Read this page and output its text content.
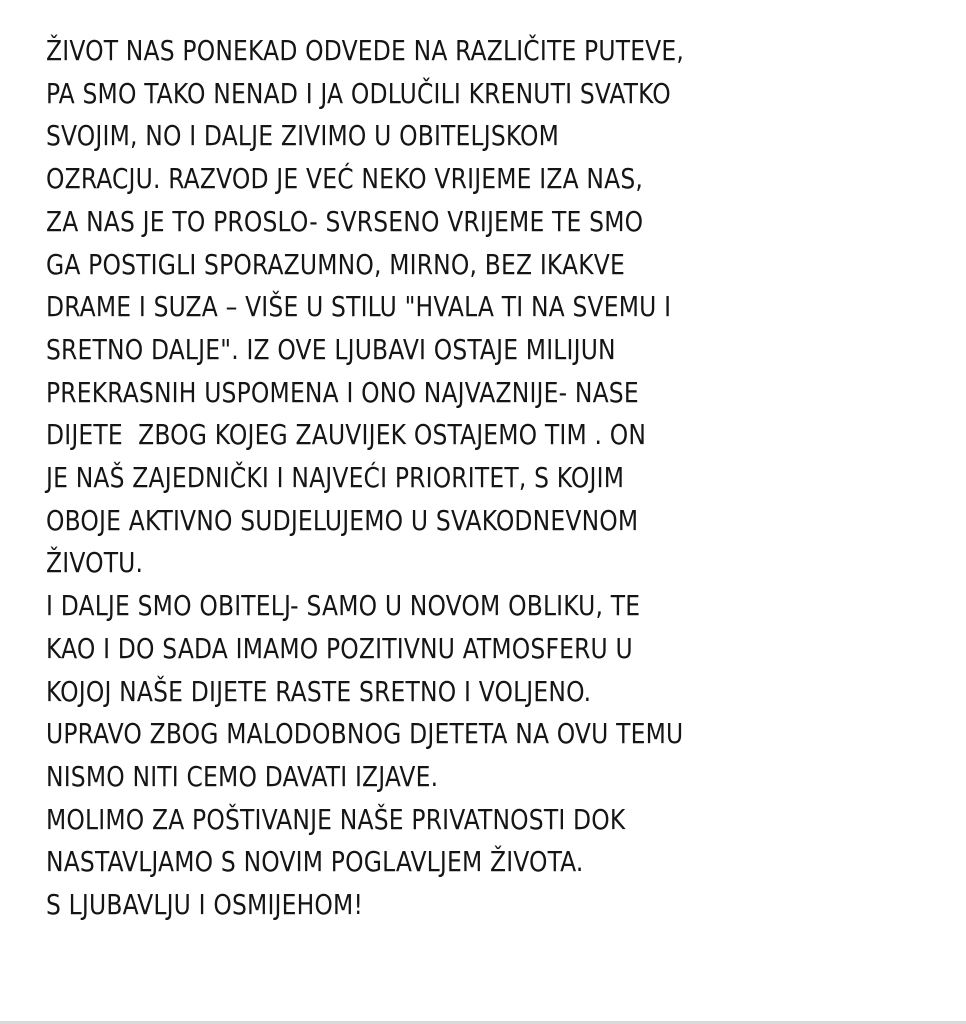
ŽIVOT NAS PONEKAD ODVEDE NA RAZLIČITE PUTEVE,
PA SMO TAKO NENAD I JA ODLUČILI KRENUTI SVATKO
SVOJIM, NO I DALJE ZIVIMO U OBITELJSKOM
OZRACJU. RAZVOD JE VEĆ NEKO VRIJEME IZA NAS,
ZA NAS JE TO PROSLO- SVRSENO VRIJEME TE SMO
GA POSTIGLI SPORAZUMNO, MIRNO, BEZ IKAKVE
DRAME I SUZA – VIŠE U STILU "HVALA TI NA SVEMU I
SRETNO DALJE". IZ OVE LJUBAVI OSTAJE MILIJUN
PREKRASNIH USPOMENA I ONO NAJVAZNIJE- NASE
DIJETE  ZBOG KOJEG ZAUVIJEK OSTAJEMO TIM . ON
JE NAŠ ZAJEDNIČKI I NAJVEĆI PRIORITET, S KOJIM
OBOJE AKTIVNO SUDJELUJEMO U SVAKODNEVNOM
ŽIVOTU.
I DALJE SMO OBITELJ- SAMO U NOVOM OBLIKU, TE
KAO I DO SADA IMAMO POZITIVNU ATMOSFERU U
KOJOJ NAŠE DIJETE RASTE SRETNO I VOLJENO.
UPRAVO ZBOG MALODOBNOG DJETETA NA OVU TEMU
NISMO NITI CEMO DAVATI IZJAVE.
MOLIMO ZA POŠTIVANJE NAŠE PRIVATNOSTI DOK
NASTAVLJAMO S NOVIM POGLAVLJEM ŽIVOTA.
S LJUBAVLJU I OSMIJEHOM!
